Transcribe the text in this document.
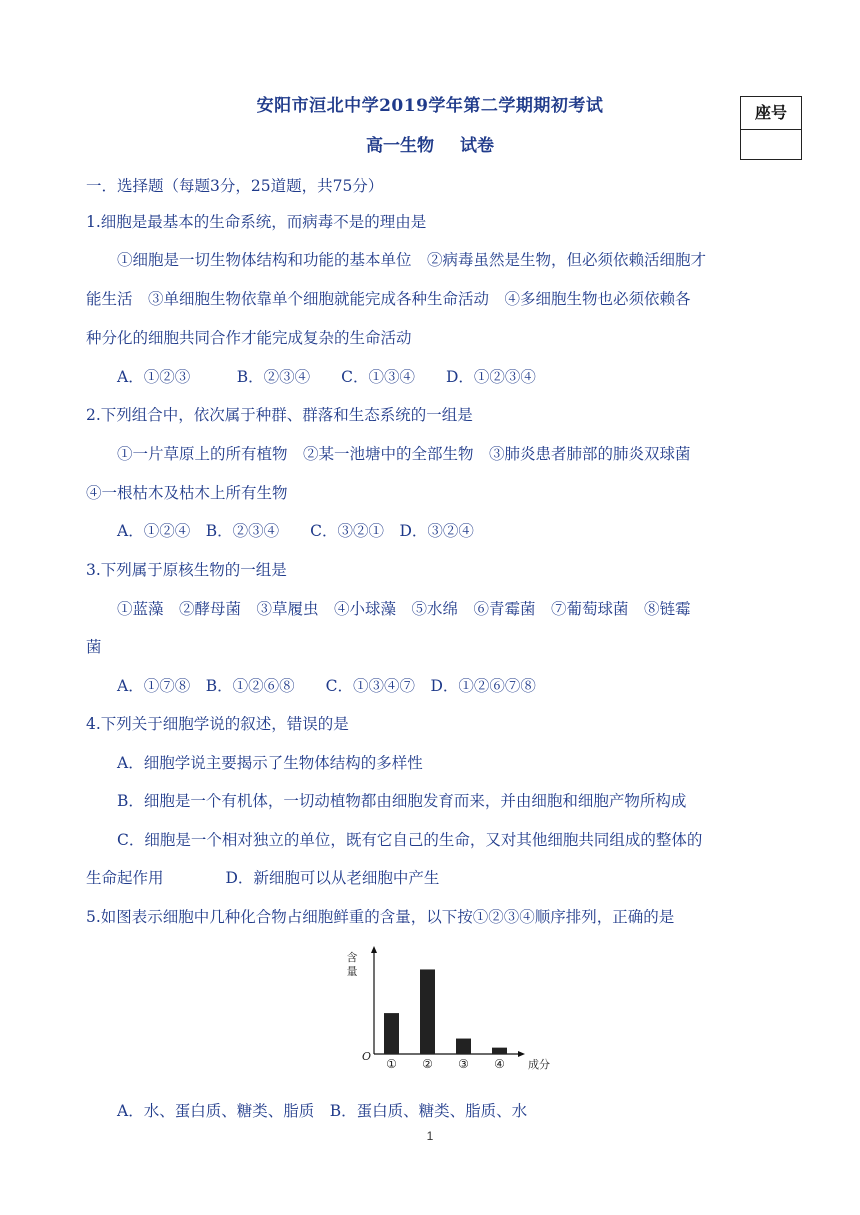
安阳市洹北中学2019学年第二学期期初考试
高一生物 试卷
座号
一．选择题（每题3分，25道题，共75分）
1.细胞是最基本的生命系统，而病毒不是的理由是
①细胞是一切生物体结构和功能的基本单位　②病毒虽然是生物，但必须依赖活细胞才
能生活　③单细胞生物依靠单个细胞就能完成各种生命活动　④多细胞生物也必须依赖各
种分化的细胞共同合作才能完成复杂的生命活动
A．①②③　　　B．②③④　　C．①③④　　D．①②③④
2.下列组合中，依次属于种群、群落和生态系统的一组是
①一片草原上的所有植物　②某一池塘中的全部生物　③肺炎患者肺部的肺炎双球菌
④一根枯木及枯木上所有生物
A．①②④　B．②③④　　C．③②①　D．③②④
3.下列属于原核生物的一组是
①蓝藻　②酵母菌　③草履虫　④小球藻　⑤水绵　⑥青霉菌　⑦葡萄球菌　⑧链霉
菌
A．①⑦⑧　B．①②⑥⑧　　C．①③④⑦　D．①②⑥⑦⑧
4.下列关于细胞学说的叙述，错误的是
A．细胞学说主要揭示了生物体结构的多样性
B．细胞是一个有机体，一切动植物都由细胞发育而来，并由细胞和细胞产物所构成
C．细胞是一个相对独立的单位，既有它自己的生命，又对其他细胞共同组成的整体的
生命起作用　　　　D．新细胞可以从老细胞中产生
5.如图表示细胞中几种化合物占细胞鲜重的含量，以下按①②③④顺序排列，正确的是
含
量
O
成分
① ② ③ ④
A．水、蛋白质、糖类、脂质　B．蛋白质、糖类、脂质、水
1
